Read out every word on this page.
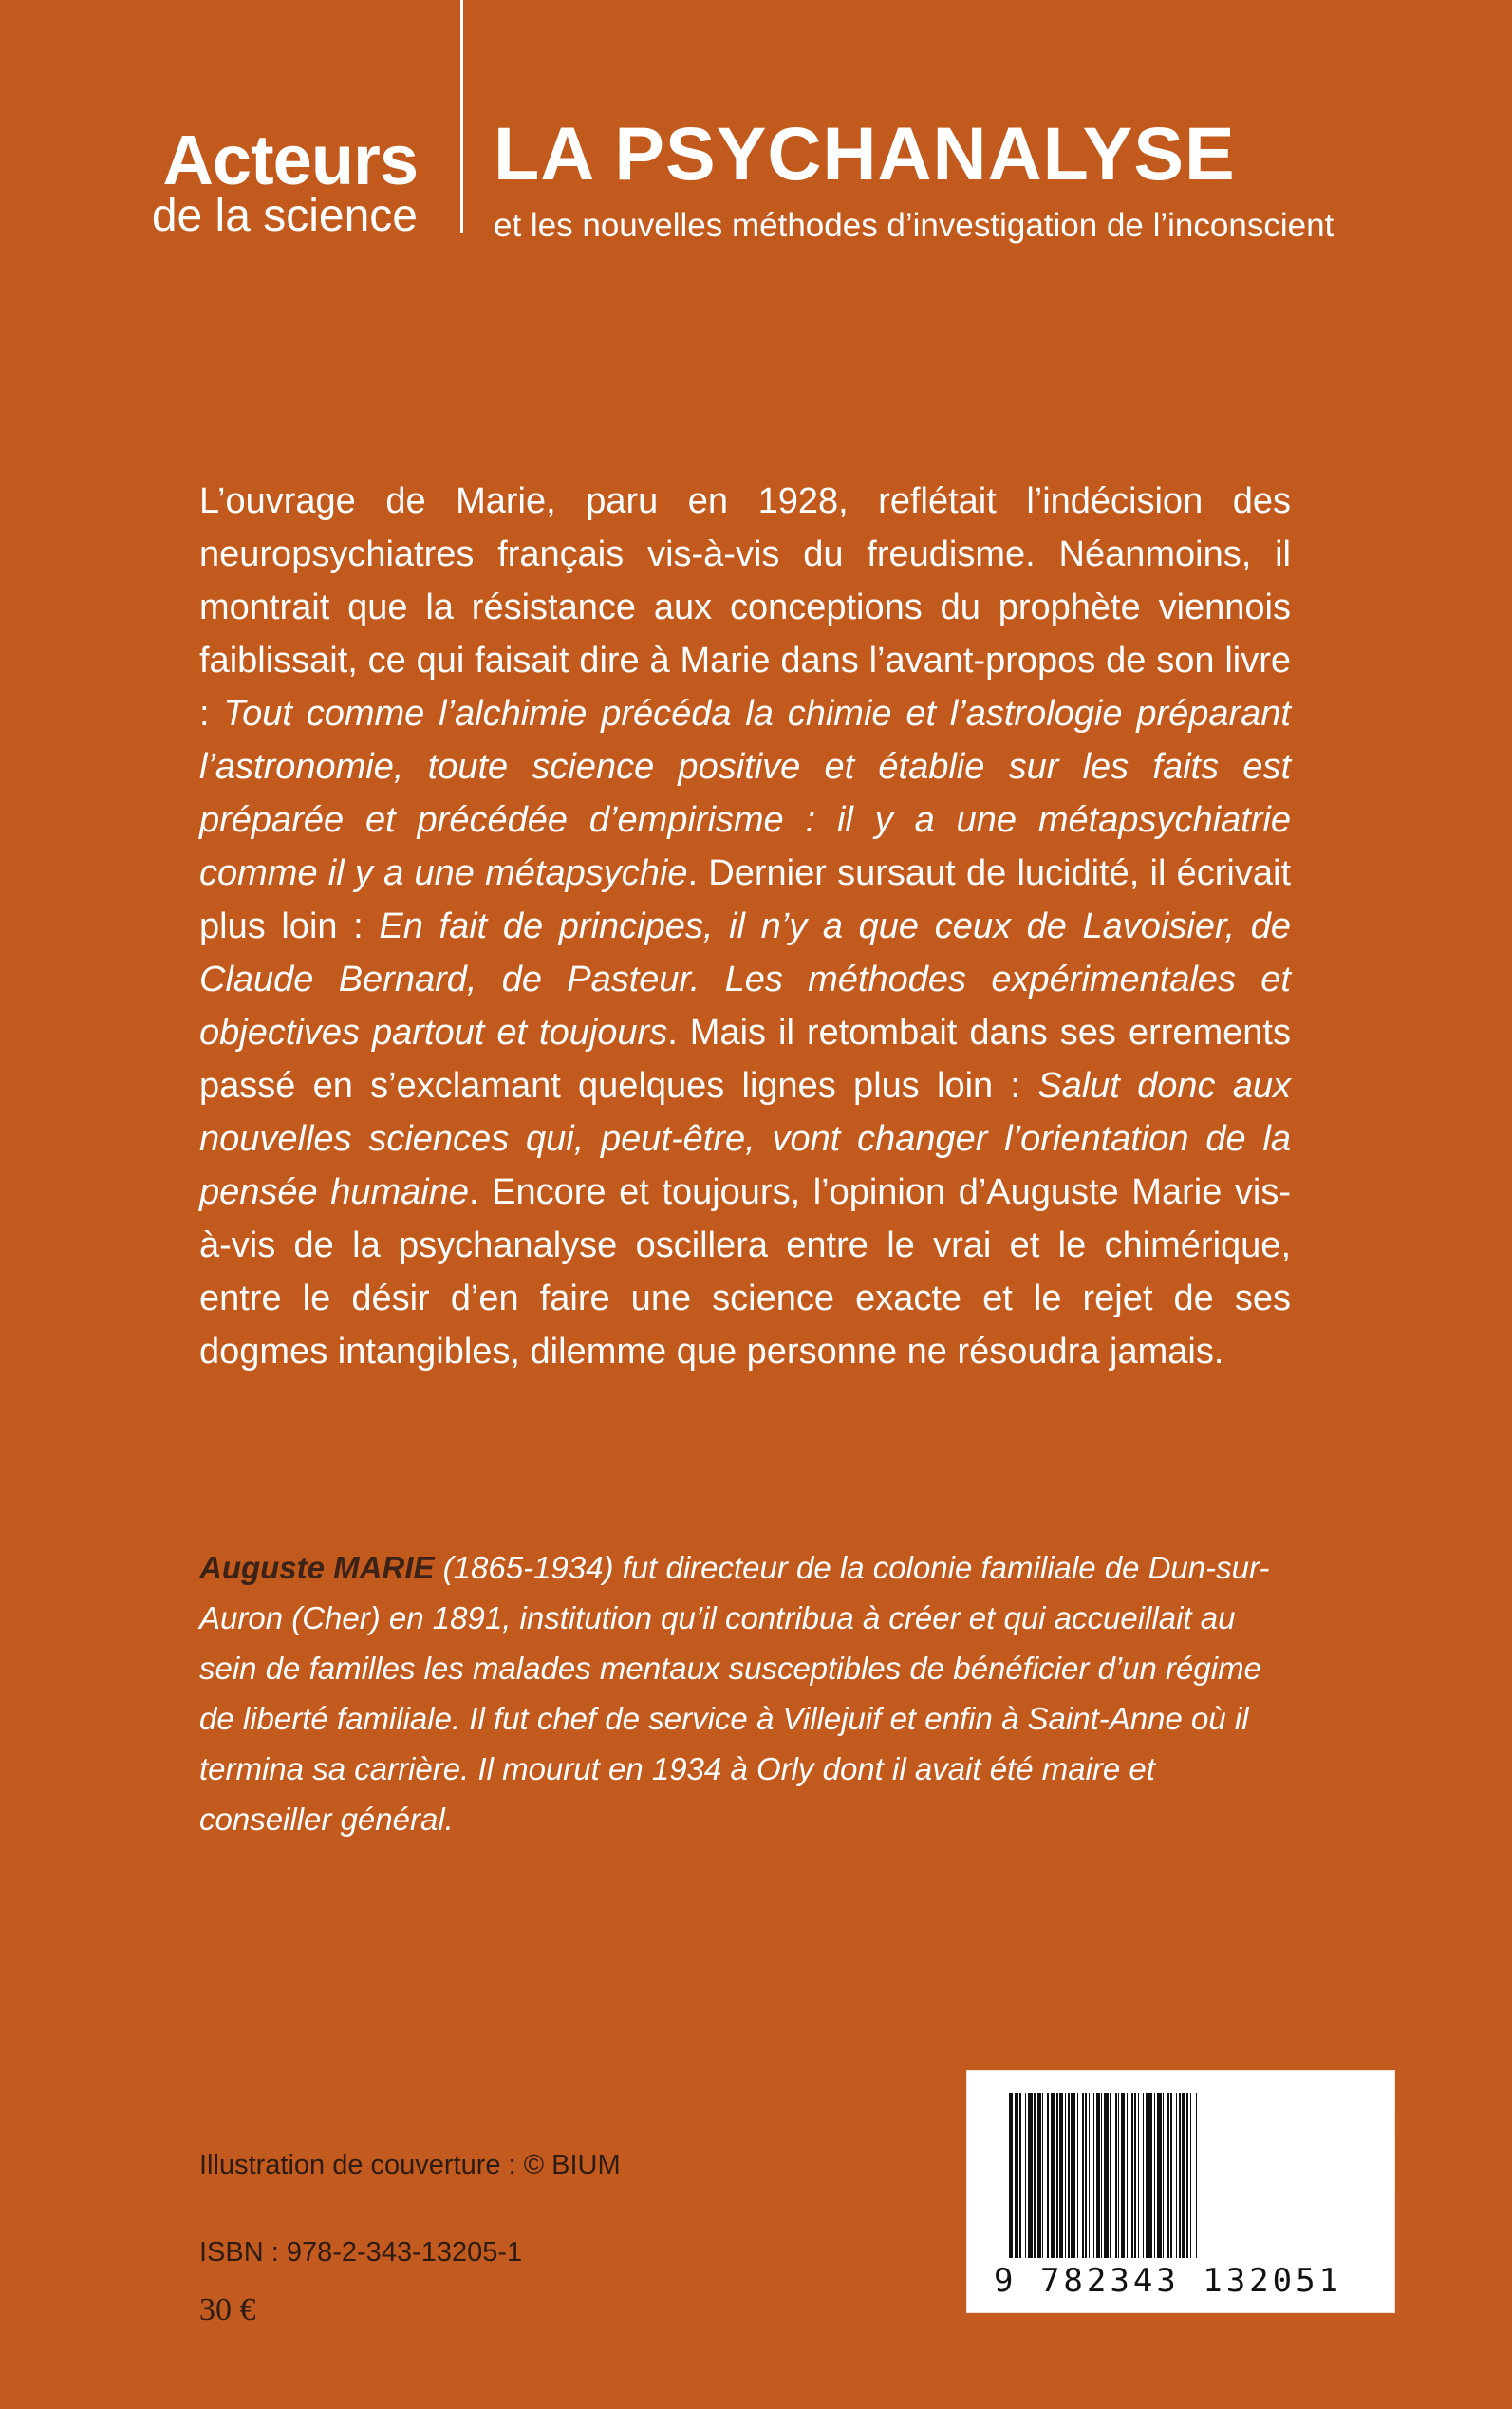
Acteurs
de la science
LA PSYCHANALYSE
et les nouvelles méthodes d’investigation de l’inconscient
L’ouvrage de Marie, paru en 1928, reflétait l’indécision des neuropsychiatres français vis-à-vis du freudisme. Néanmoins, il montrait que la résistance aux conceptions du prophète viennois faiblissait, ce qui faisait dire à Marie dans l’avant-propos de son livre : Tout comme l’alchimie précéda la chimie et l’astrologie préparant l’astronomie, toute science positive et établie sur les faits est préparée et précédée d’empirisme : il y a une métapsychiatrie comme il y a une métapsychie. Dernier sursaut de lucidité, il écrivait plus loin : En fait de principes, il n’y a que ceux de Lavoisier, de Claude Bernard, de Pasteur. Les méthodes expérimentales et objectives partout et toujours. Mais il retombait dans ses errements passé en s’exclamant quelques lignes plus loin : Salut donc aux nouvelles sciences qui, peut-être, vont changer l’orientation de la pensée humaine. Encore et toujours, l’opinion d’Auguste Marie vis-à-vis de la psychanalyse oscillera entre le vrai et le chimérique, entre le désir d’en faire une science exacte et le rejet de ses dogmes intangibles, dilemme que personne ne résoudra jamais.
Auguste MARIE (1865-1934) fut directeur de la colonie familiale de Dun-sur-Auron (Cher) en 1891, institution qu’il contribua à créer et qui accueillait au sein de familles les malades mentaux susceptibles de bénéficier d’un régime de liberté familiale. Il fut chef de service à Villejuif et enfin à Saint-Anne où il termina sa carrière. Il mourut en 1934 à Orly dont il avait été maire et conseiller général.
Illustration de couverture : © BIUM
ISBN : 978-2-343-13205-1
30 €
9 782343 132051
